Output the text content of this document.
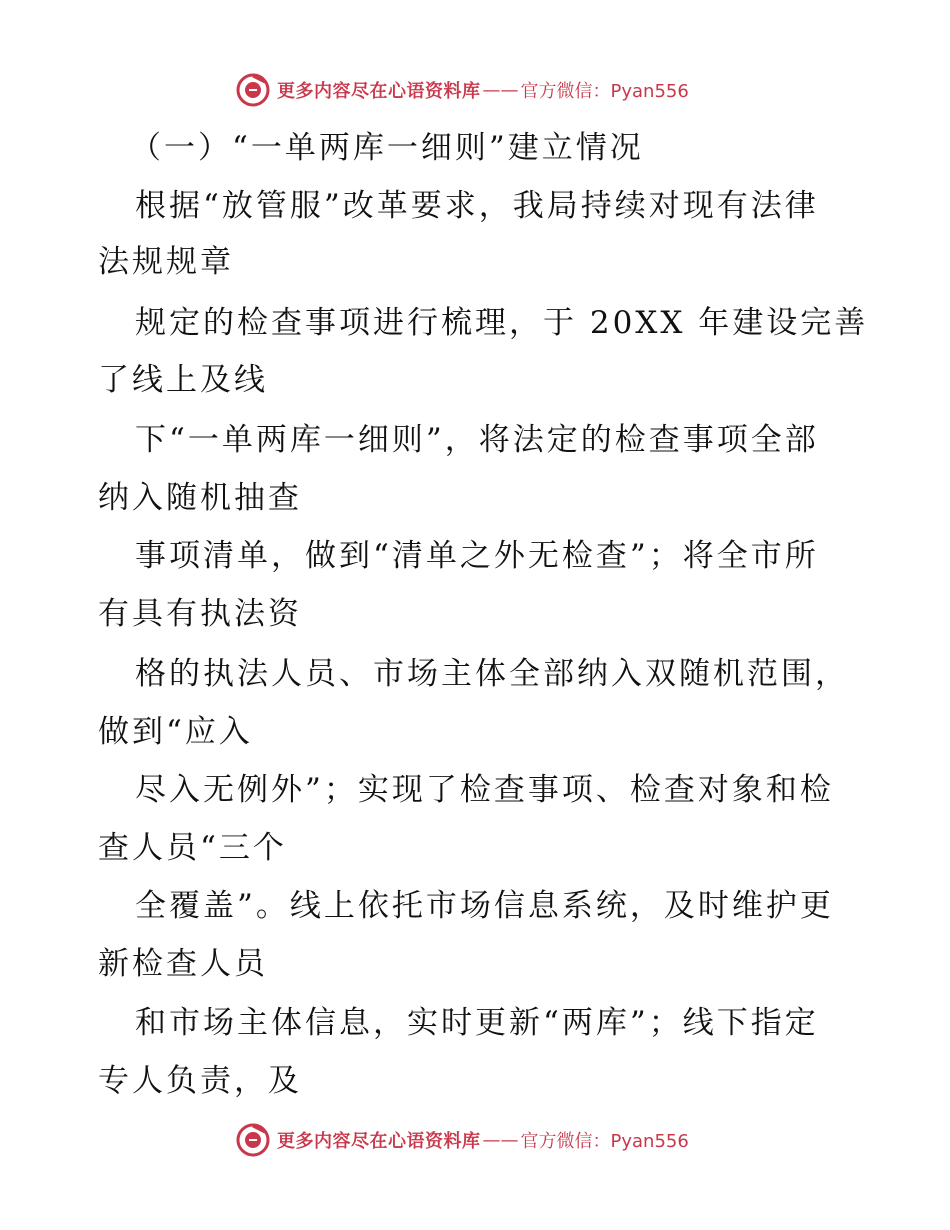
更多内容尽在心语资料库 —— 官方微信：Pyan556
（一）“一单两库一细则”建立情况
根据“放管服”改革要求，我局持续对现有法律
法规规章
规定的检查事项进行梳理，于 20XX 年建设完善
了线上及线
下“一单两库一细则”，将法定的检查事项全部
纳入随机抽查
事项清单，做到“清单之外无检查”；将全市所
有具有执法资
格的执法人员、市场主体全部纳入双随机范围，
做到“应入
尽入无例外”；实现了检查事项、检查对象和检
查人员“三个
全覆盖”。线上依托市场信息系统，及时维护更
新检查人员
和市场主体信息，实时更新“两库”；线下指定
专人负责，及
更多内容尽在心语资料库 —— 官方微信：Pyan556
